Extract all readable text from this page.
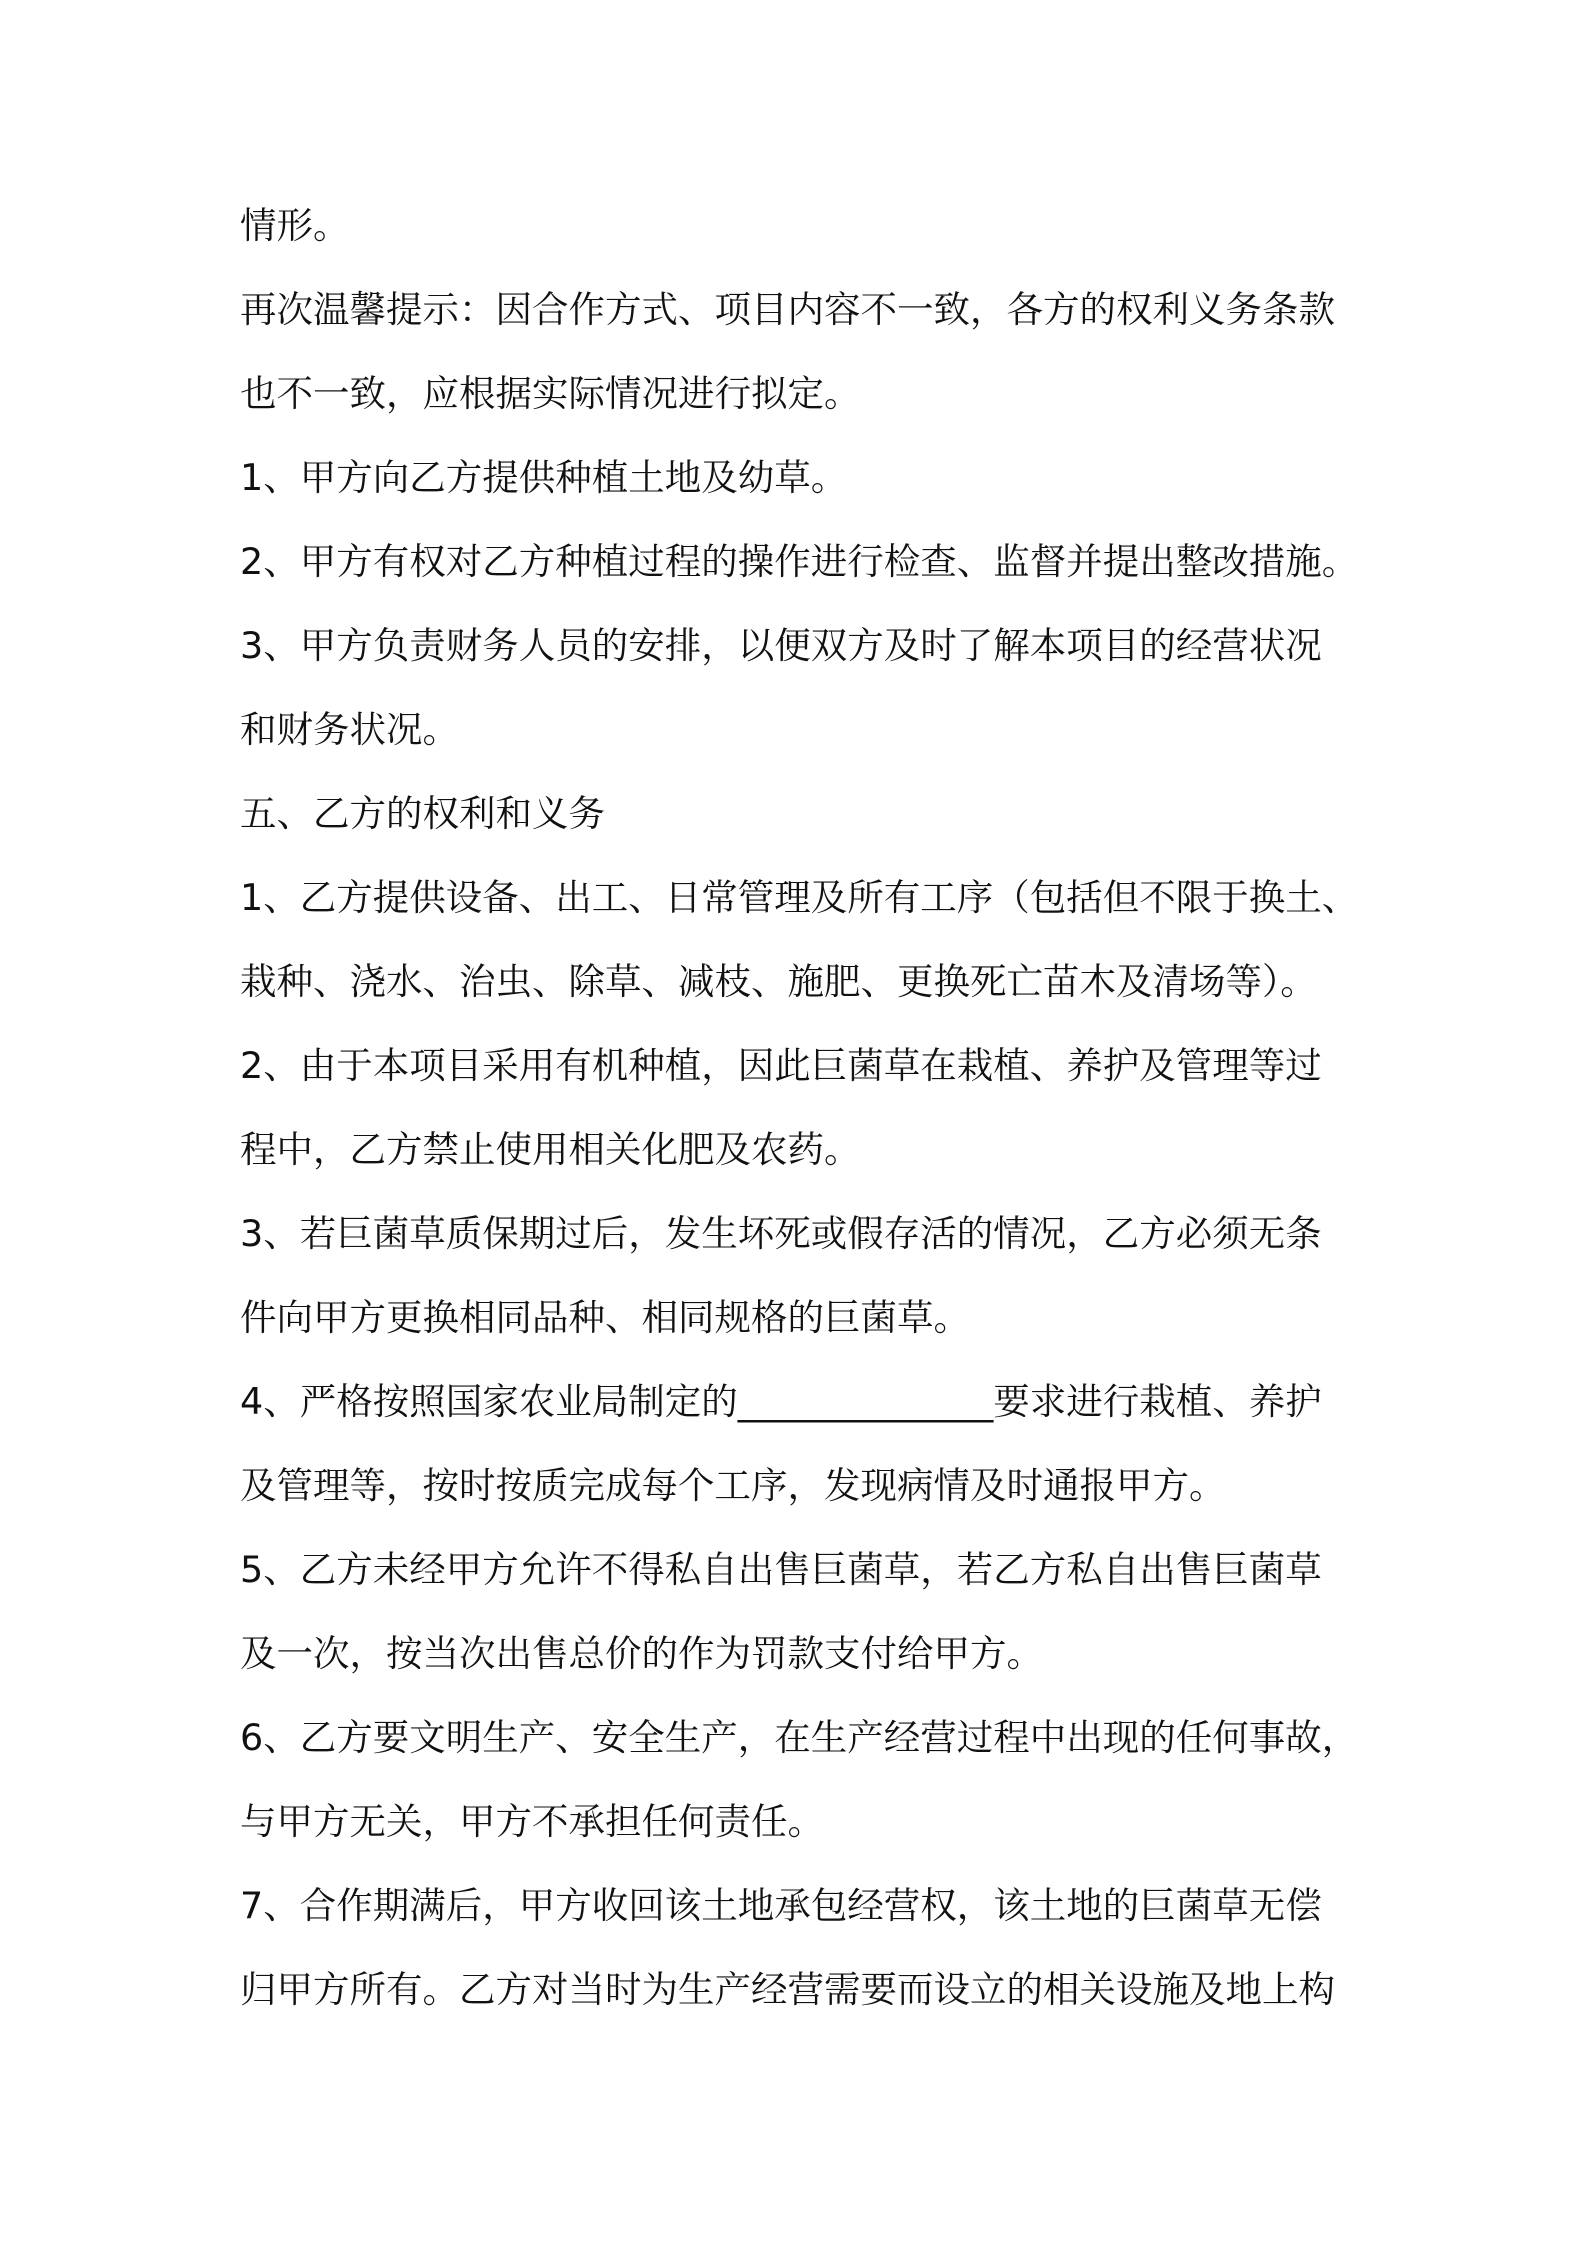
情形。
再次温馨提示：因合作方式、项目内容不一致，各方的权利义务条款
也不一致，应根据实际情况进行拟定。
1、甲方向乙方提供种植土地及幼草。
2、甲方有权对乙方种植过程的操作进行检查、监督并提出整改措施。
3、甲方负责财务人员的安排，以便双方及时了解本项目的经营状况
和财务状况。
五、乙方的权利和义务
1、乙方提供设备、出工、日常管理及所有工序（包括但不限于换土、
栽种、浇水、治虫、除草、减枝、施肥、更换死亡苗木及清场等）。
2、由于本项目采用有机种植，因此巨菌草在栽植、养护及管理等过
程中，乙方禁止使用相关化肥及农药。
3、若巨菌草质保期过后，发生坏死或假存活的情况，乙方必须无条
件向甲方更换相同品种、相同规格的巨菌草。
4、严格按照国家农业局制定的______________要求进行栽植、养护
及管理等，按时按质完成每个工序，发现病情及时通报甲方。
5、乙方未经甲方允许不得私自出售巨菌草，若乙方私自出售巨菌草
及一次，按当次出售总价的作为罚款支付给甲方。
6、乙方要文明生产、安全生产，在生产经营过程中出现的任何事故，
与甲方无关，甲方不承担任何责任。
7、合作期满后，甲方收回该土地承包经营权，该土地的巨菌草无偿
归甲方所有。乙方对当时为生产经营需要而设立的相关设施及地上构
